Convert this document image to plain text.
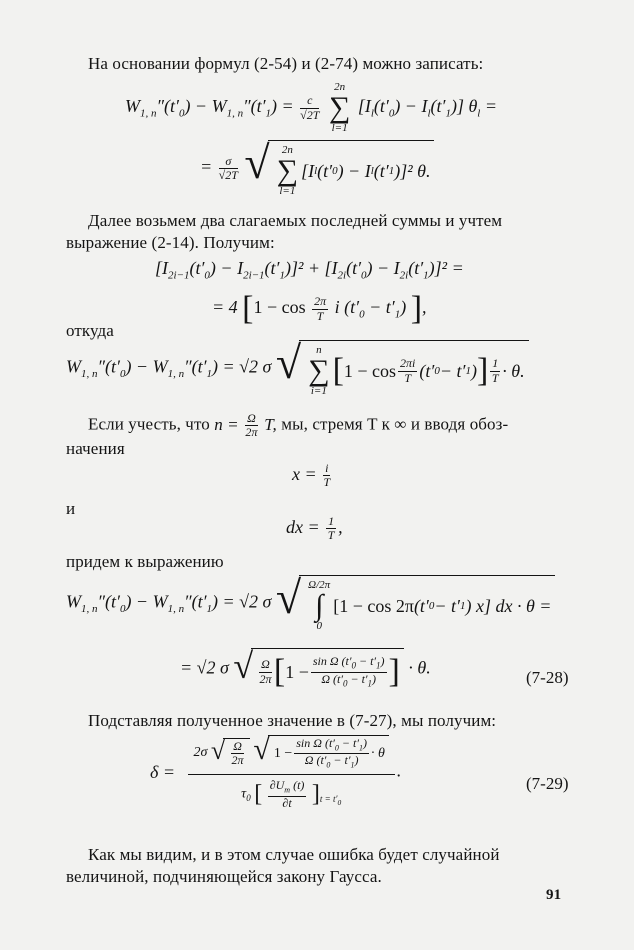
На основании формул (2-54) и (2-74) можно записать:
$W_{1, n}''(t'_0) - W_{1, n}''(t'_1) = \frac{c}{√2T}$

2n
∑
l=1
$[I_l(t'_0) - I_l(t'_1)] \theta_l$ =
= $\frac{\sigma}{√2T}$
√	2n
∑
l=1
[I l (t′ 0 ) − I l (t′ 1 )]² θ.
Далее возьмем два слагаемых последней суммы и учтем
выражение (2-14). Получим:
$[I_{2i-1}(t'_0) - I_{2i-1}(t'_1)]^2 + [I_{2i}(t'_0) - I_{2i}(t'_1)]^2$ =
= 4 [$1 - \cos \frac{2\pi}{T}$ i $(t'_0 - t'_1)$ ],
откуда
$W_{1, n}''(t'_0) - W_{1, n}''(t'_1) = √2$ σ √	n
∑
i=1
[ $1 - \cos \frac{2\pi i}{T} (t'$ 0 − t′ 1 ) ] $\frac{1}{T} \cdot \theta$.
Если учесть, что $n = \frac{\Omega}{2\pi} T$, мы, стремя T к ∞ и вводя обоз-
начения
$x = \frac{i}{T}$
и
dx = $\frac{1}{T}$ ,
придем к выражению
$W_{1, n}''(t'_0) - W_{1, n}''(t'_1) = √2$ σ √ Ω/2π
∫
0
[1 − cos 2π (t′ 0 − t′ 1 ) x] dx · θ =
= √2 σ √ $\frac{\Omega}{2\pi}$ [ $1 - \frac{\sin \Omega (t'_0 - t'_1)}{\Omega (t'_0 - t'_1)}$ ] · θ.	(7-28)
Подставляя полученное значение в (7-27), мы получим:
δ =
2σ √ $\frac{\Omega}{2\pi}$
√ $1 - \frac{\sin \Omega (t'_0 - t'_1)}{\Omega (t'_0 - t'_1)} \cdot \theta$
$\tau_0$ [ $\frac{\partial U_m (t)}{\partial t} ]_{t = t'_0}$
.
(7-29)
Как мы видим, и в этом случае ошибка будет случайной
величиной, подчиняющейся закону Гаусса.
91
